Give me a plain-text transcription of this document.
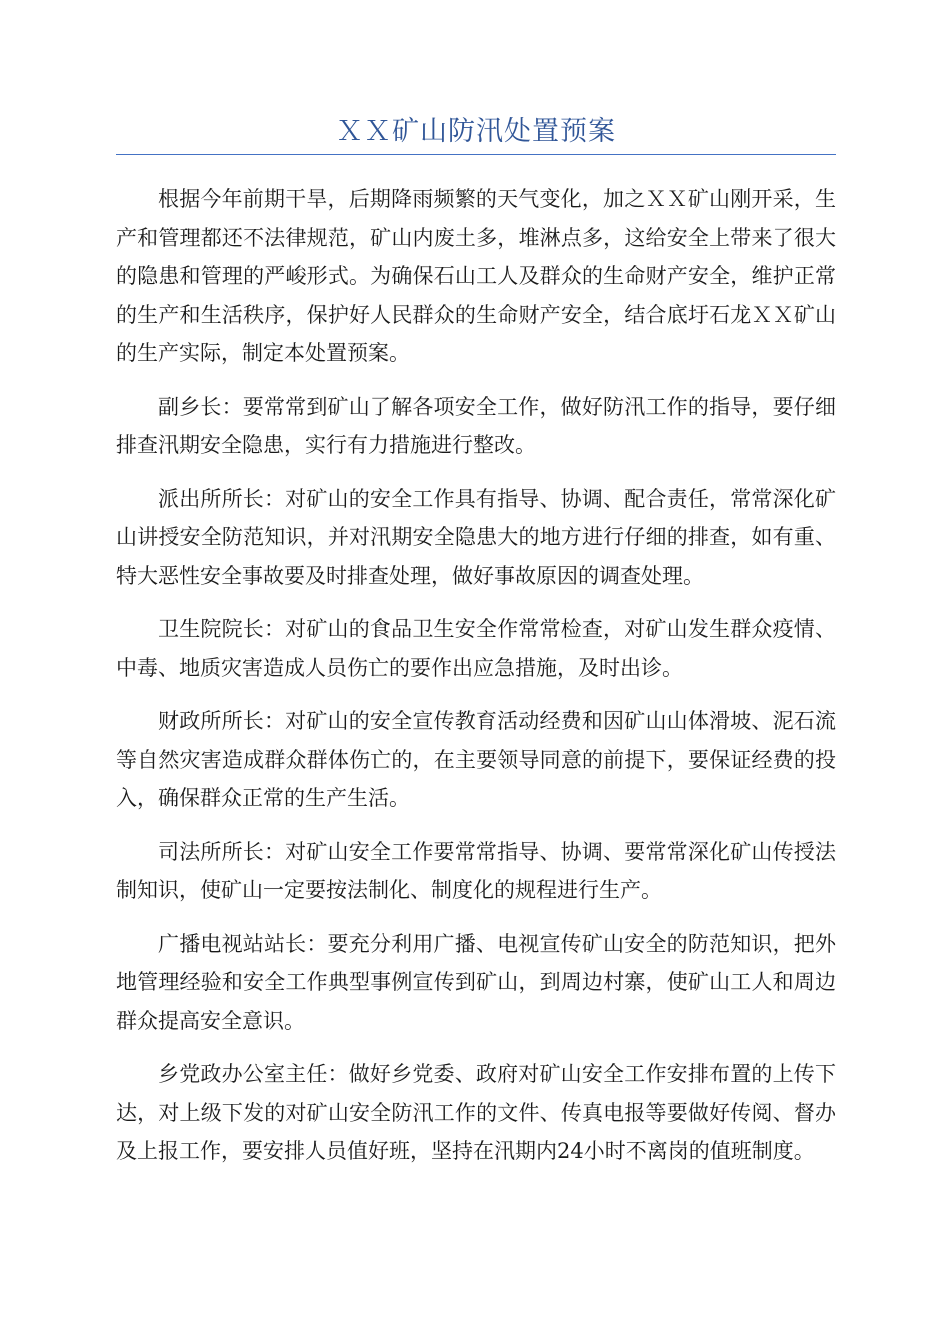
ＸＸ矿山防汛处置预案

根据今年前期干旱，后期降雨频繁的天气变化，加之ＸＸ矿山刚开采，生产和管理都还不法律规范，矿山内废土多，堆淋点多，这给安全上带来了很大的隐患和管理的严峻形式。为确保石山工人及群众的生命财产安全，维护正常的生产和生活秩序，保护好人民群众的生命财产安全，结合底圩石龙ＸＸ矿山的生产实际，制定本处置预案。

副乡长：要常常到矿山了解各项安全工作，做好防汛工作的指导，要仔细排查汛期安全隐患，实行有力措施进行整改。

派出所所长：对矿山的安全工作具有指导、协调、配合责任，常常深化矿山讲授安全防范知识，并对汛期安全隐患大的地方进行仔细的排查，如有重、特大恶性安全事故要及时排查处理，做好事故原因的调查处理。

卫生院院长：对矿山的食品卫生安全作常常检查，对矿山发生群众疫情、中毒、地质灾害造成人员伤亡的要作出应急措施，及时出诊。

财政所所长：对矿山的安全宣传教育活动经费和因矿山山体滑坡、泥石流等自然灾害造成群众群体伤亡的，在主要领导同意的前提下，要保证经费的投入，确保群众正常的生产生活。

司法所所长：对矿山安全工作要常常指导、协调、要常常深化矿山传授法制知识，使矿山一定要按法制化、制度化的规程进行生产。

广播电视站站长：要充分利用广播、电视宣传矿山安全的防范知识，把外地管理经验和安全工作典型事例宣传到矿山，到周边村寨，使矿山工人和周边群众提高安全意识。

乡党政办公室主任：做好乡党委、政府对矿山安全工作安排布置的上传下达，对上级下发的对矿山安全防汛工作的文件、传真电报等要做好传阅、督办及上报工作，要安排人员值好班，坚持在汛期内24小时不离岗的值班制度。
